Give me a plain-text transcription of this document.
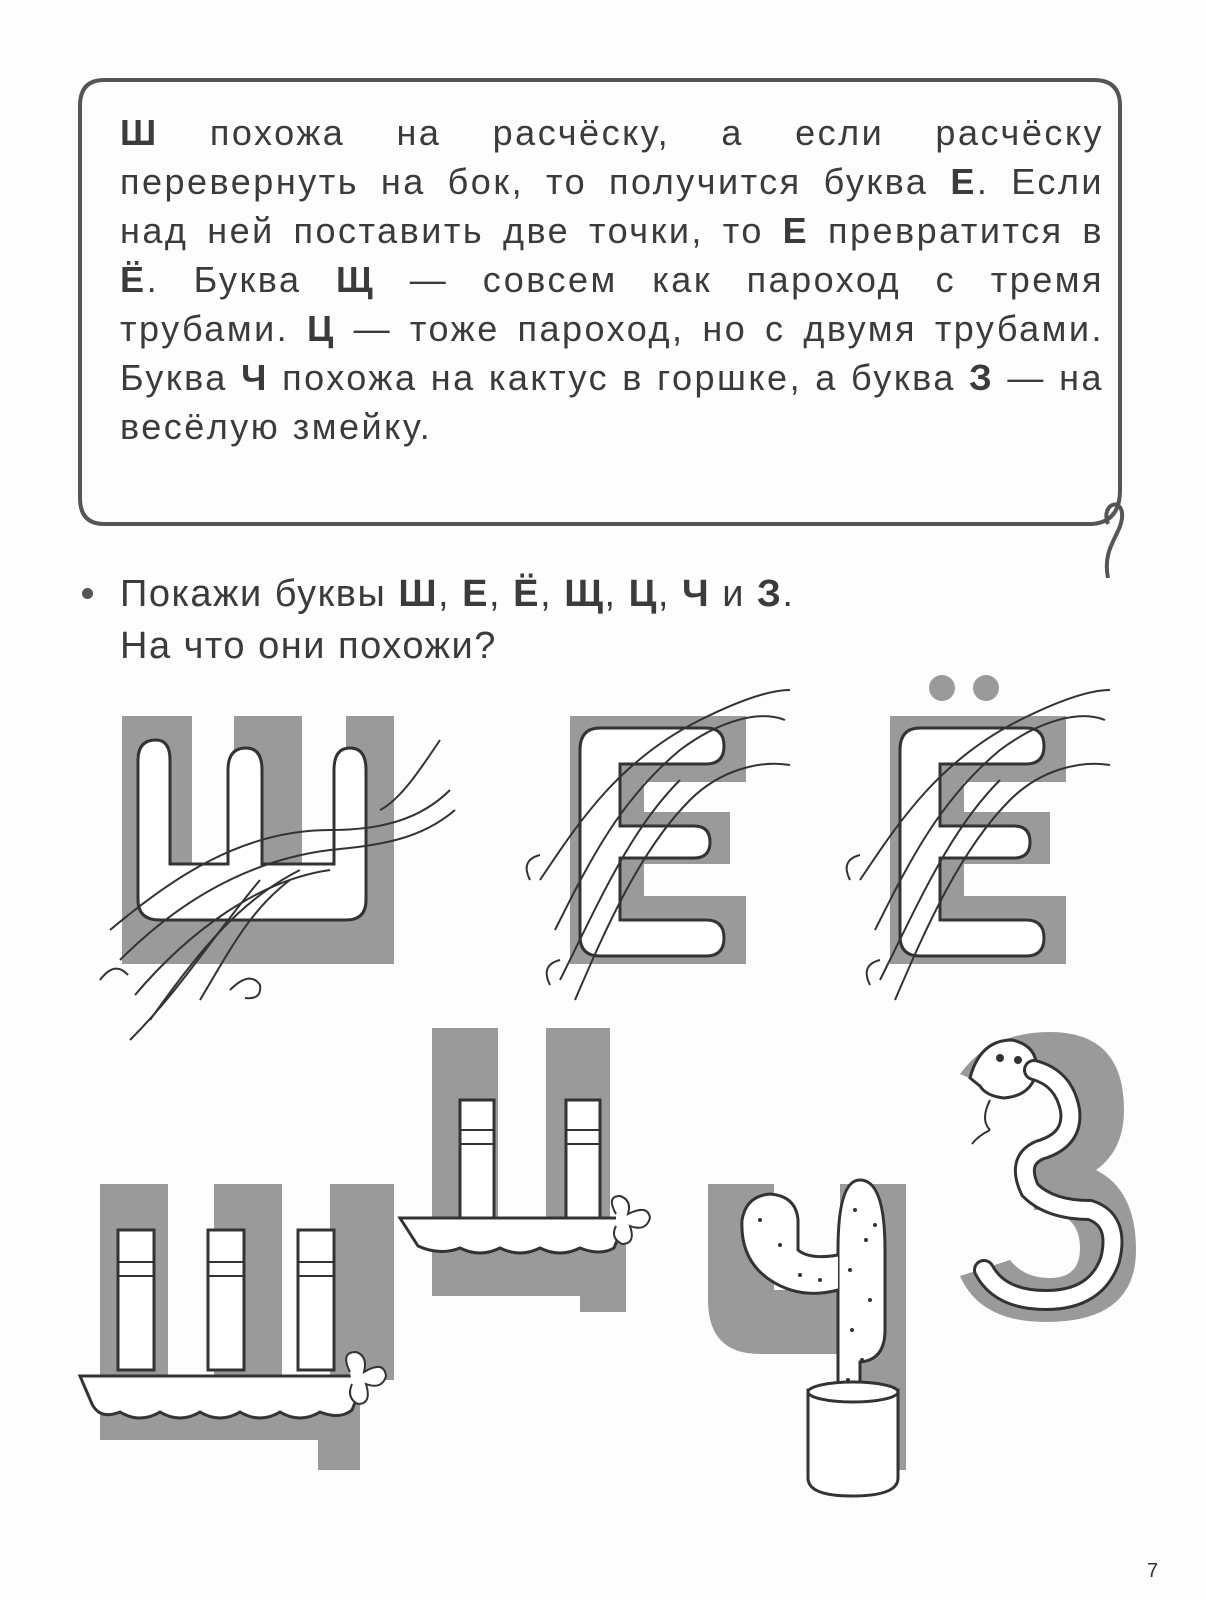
Ш похожа на расчёску, а если расчёску перевернуть на бок, то получится буква Е. Если над ней поставить две точки, то Е превратится в Ё. Буква Щ — совсем как пароход с тремя трубами. Ц — тоже пароход, но с двумя трубами. Буква Ч похожа на кактус в горшке, а буква З — на весёлую змейку.
Покажи буквы Ш, Е, Ё, Щ, Ц, Ч и З.
На что они похожи?
7
